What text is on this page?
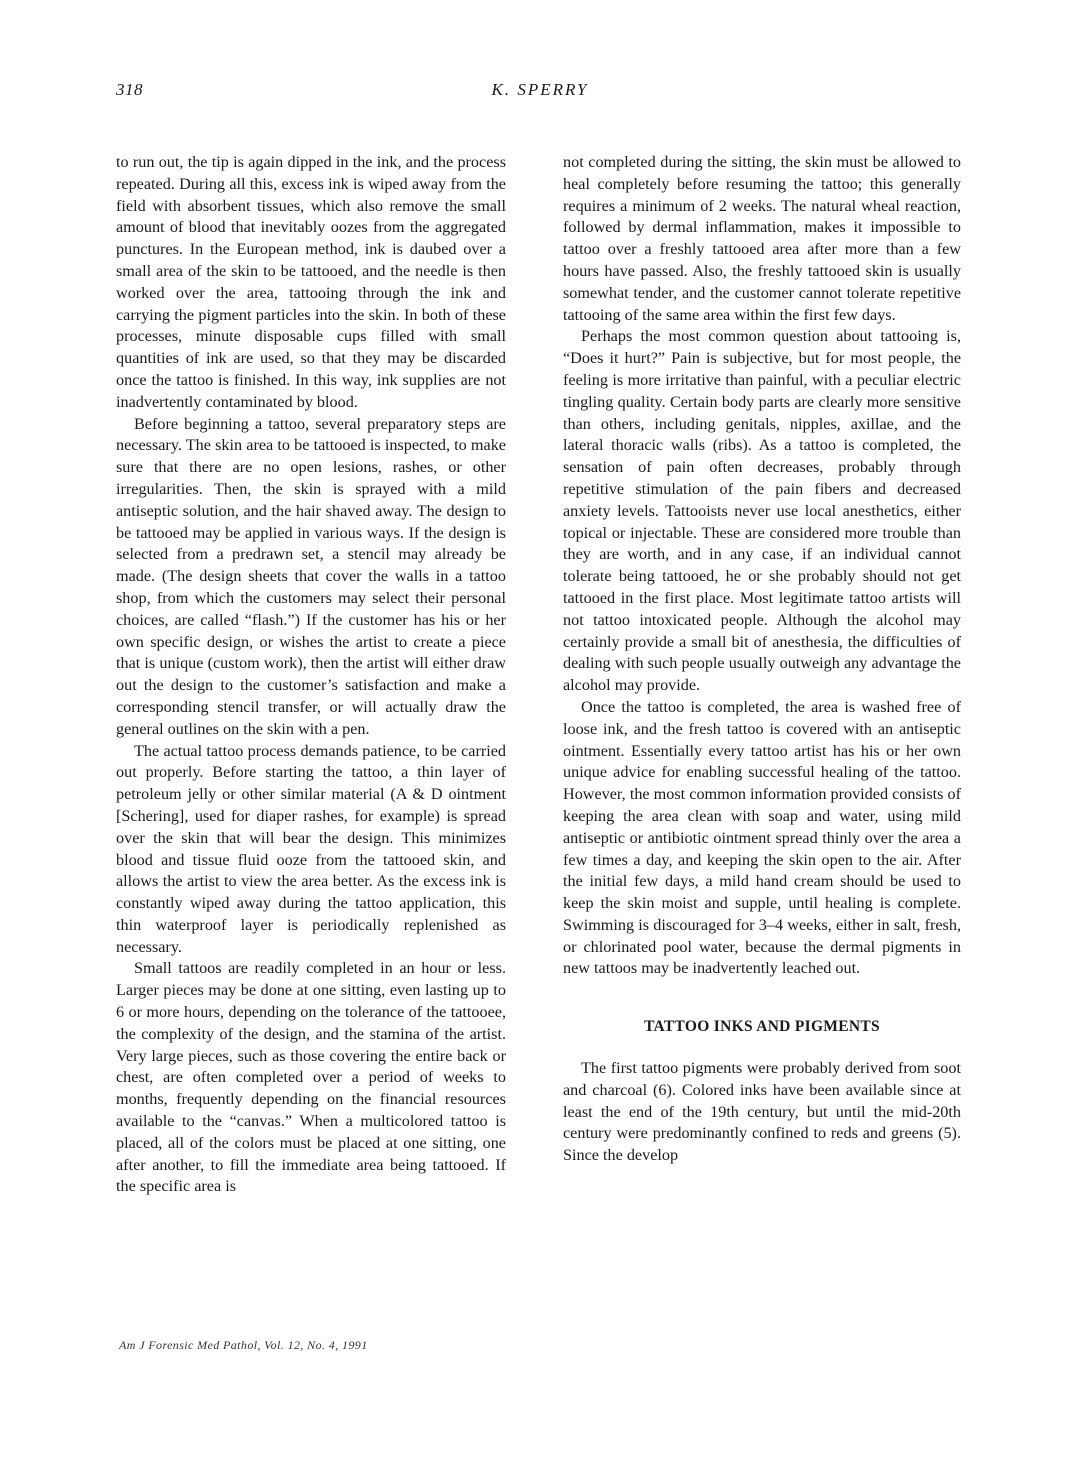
318	K. SPERRY

to run out, the tip is again dipped in the ink, and the process repeated. During all this, excess ink is wiped away from the field with absorbent tissues, which also remove the small amount of blood that inevitably oozes from the aggregated punctures. In the European method, ink is daubed over a small area of the skin to be tattooed, and the needle is then worked over the area, tattooing through the ink and carrying the pigment particles into the skin. In both of these processes, minute disposable cups filled with small quantities of ink are used, so that they may be discarded once the tattoo is finished. In this way, ink supplies are not inadvertently contaminated by blood.

Before beginning a tattoo, several preparatory steps are necessary. The skin area to be tattooed is inspected, to make sure that there are no open lesions, rashes, or other irregularities. Then, the skin is sprayed with a mild antiseptic solution, and the hair shaved away. The design to be tattooed may be applied in various ways. If the design is selected from a predrawn set, a stencil may already be made. (The design sheets that cover the walls in a tattoo shop, from which the customers may select their personal choices, are called “flash.”) If the customer has his or her own specific design, or wishes the artist to create a piece that is unique (custom work), then the artist will either draw out the design to the customer’s satisfaction and make a corresponding stencil transfer, or will actually draw the general outlines on the skin with a pen.

The actual tattoo process demands patience, to be carried out properly. Before starting the tattoo, a thin layer of petroleum jelly or other similar material (A & D ointment [Schering], used for diaper rashes, for example) is spread over the skin that will bear the design. This minimizes blood and tissue fluid ooze from the tattooed skin, and allows the artist to view the area better. As the excess ink is constantly wiped away during the tattoo application, this thin waterproof layer is periodically replenished as necessary.

Small tattoos are readily completed in an hour or less. Larger pieces may be done at one sitting, even lasting up to 6 or more hours, depending on the tolerance of the tattooee, the complexity of the design, and the stamina of the artist. Very large pieces, such as those covering the entire back or chest, are often completed over a period of weeks to months, frequently depending on the financial resources available to the “canvas.” When a multicolored tattoo is placed, all of the colors must be placed at one sitting, one after another, to fill the immediate area being tattooed. If the specific area is

not completed during the sitting, the skin must be allowed to heal completely before resuming the tattoo; this generally requires a minimum of 2 weeks. The natural wheal reaction, followed by dermal inflammation, makes it impossible to tattoo over a freshly tattooed area after more than a few hours have passed. Also, the freshly tattooed skin is usually somewhat tender, and the customer cannot tolerate repetitive tattooing of the same area within the first few days.

Perhaps the most common question about tattooing is, “Does it hurt?” Pain is subjective, but for most people, the feeling is more irritative than painful, with a peculiar electric tingling quality. Certain body parts are clearly more sensitive than others, including genitals, nipples, axillae, and the lateral thoracic walls (ribs). As a tattoo is completed, the sensation of pain often decreases, probably through repetitive stimulation of the pain fibers and decreased anxiety levels. Tattooists never use local anesthetics, either topical or injectable. These are considered more trouble than they are worth, and in any case, if an individual cannot tolerate being tattooed, he or she probably should not get tattooed in the first place. Most legitimate tattoo artists will not tattoo intoxicated people. Although the alcohol may certainly provide a small bit of anesthesia, the difficulties of dealing with such people usually outweigh any advantage the alcohol may provide.

Once the tattoo is completed, the area is washed free of loose ink, and the fresh tattoo is covered with an antiseptic ointment. Essentially every tattoo artist has his or her own unique advice for enabling successful healing of the tattoo. However, the most common information provided consists of keeping the area clean with soap and water, using mild antiseptic or antibiotic ointment spread thinly over the area a few times a day, and keeping the skin open to the air. After the initial few days, a mild hand cream should be used to keep the skin moist and supple, until healing is complete. Swimming is discouraged for 3–4 weeks, either in salt, fresh, or chlorinated pool water, because the dermal pigments in new tattoos may be inadvertently leached out.

TATTOO INKS AND PIGMENTS

The first tattoo pigments were probably derived from soot and charcoal (6). Colored inks have been available since at least the end of the 19th century, but until the mid-20th century were predominantly confined to reds and greens (5). Since the develop

Am J Forensic Med Pathol, Vol. 12, No. 4, 1991
